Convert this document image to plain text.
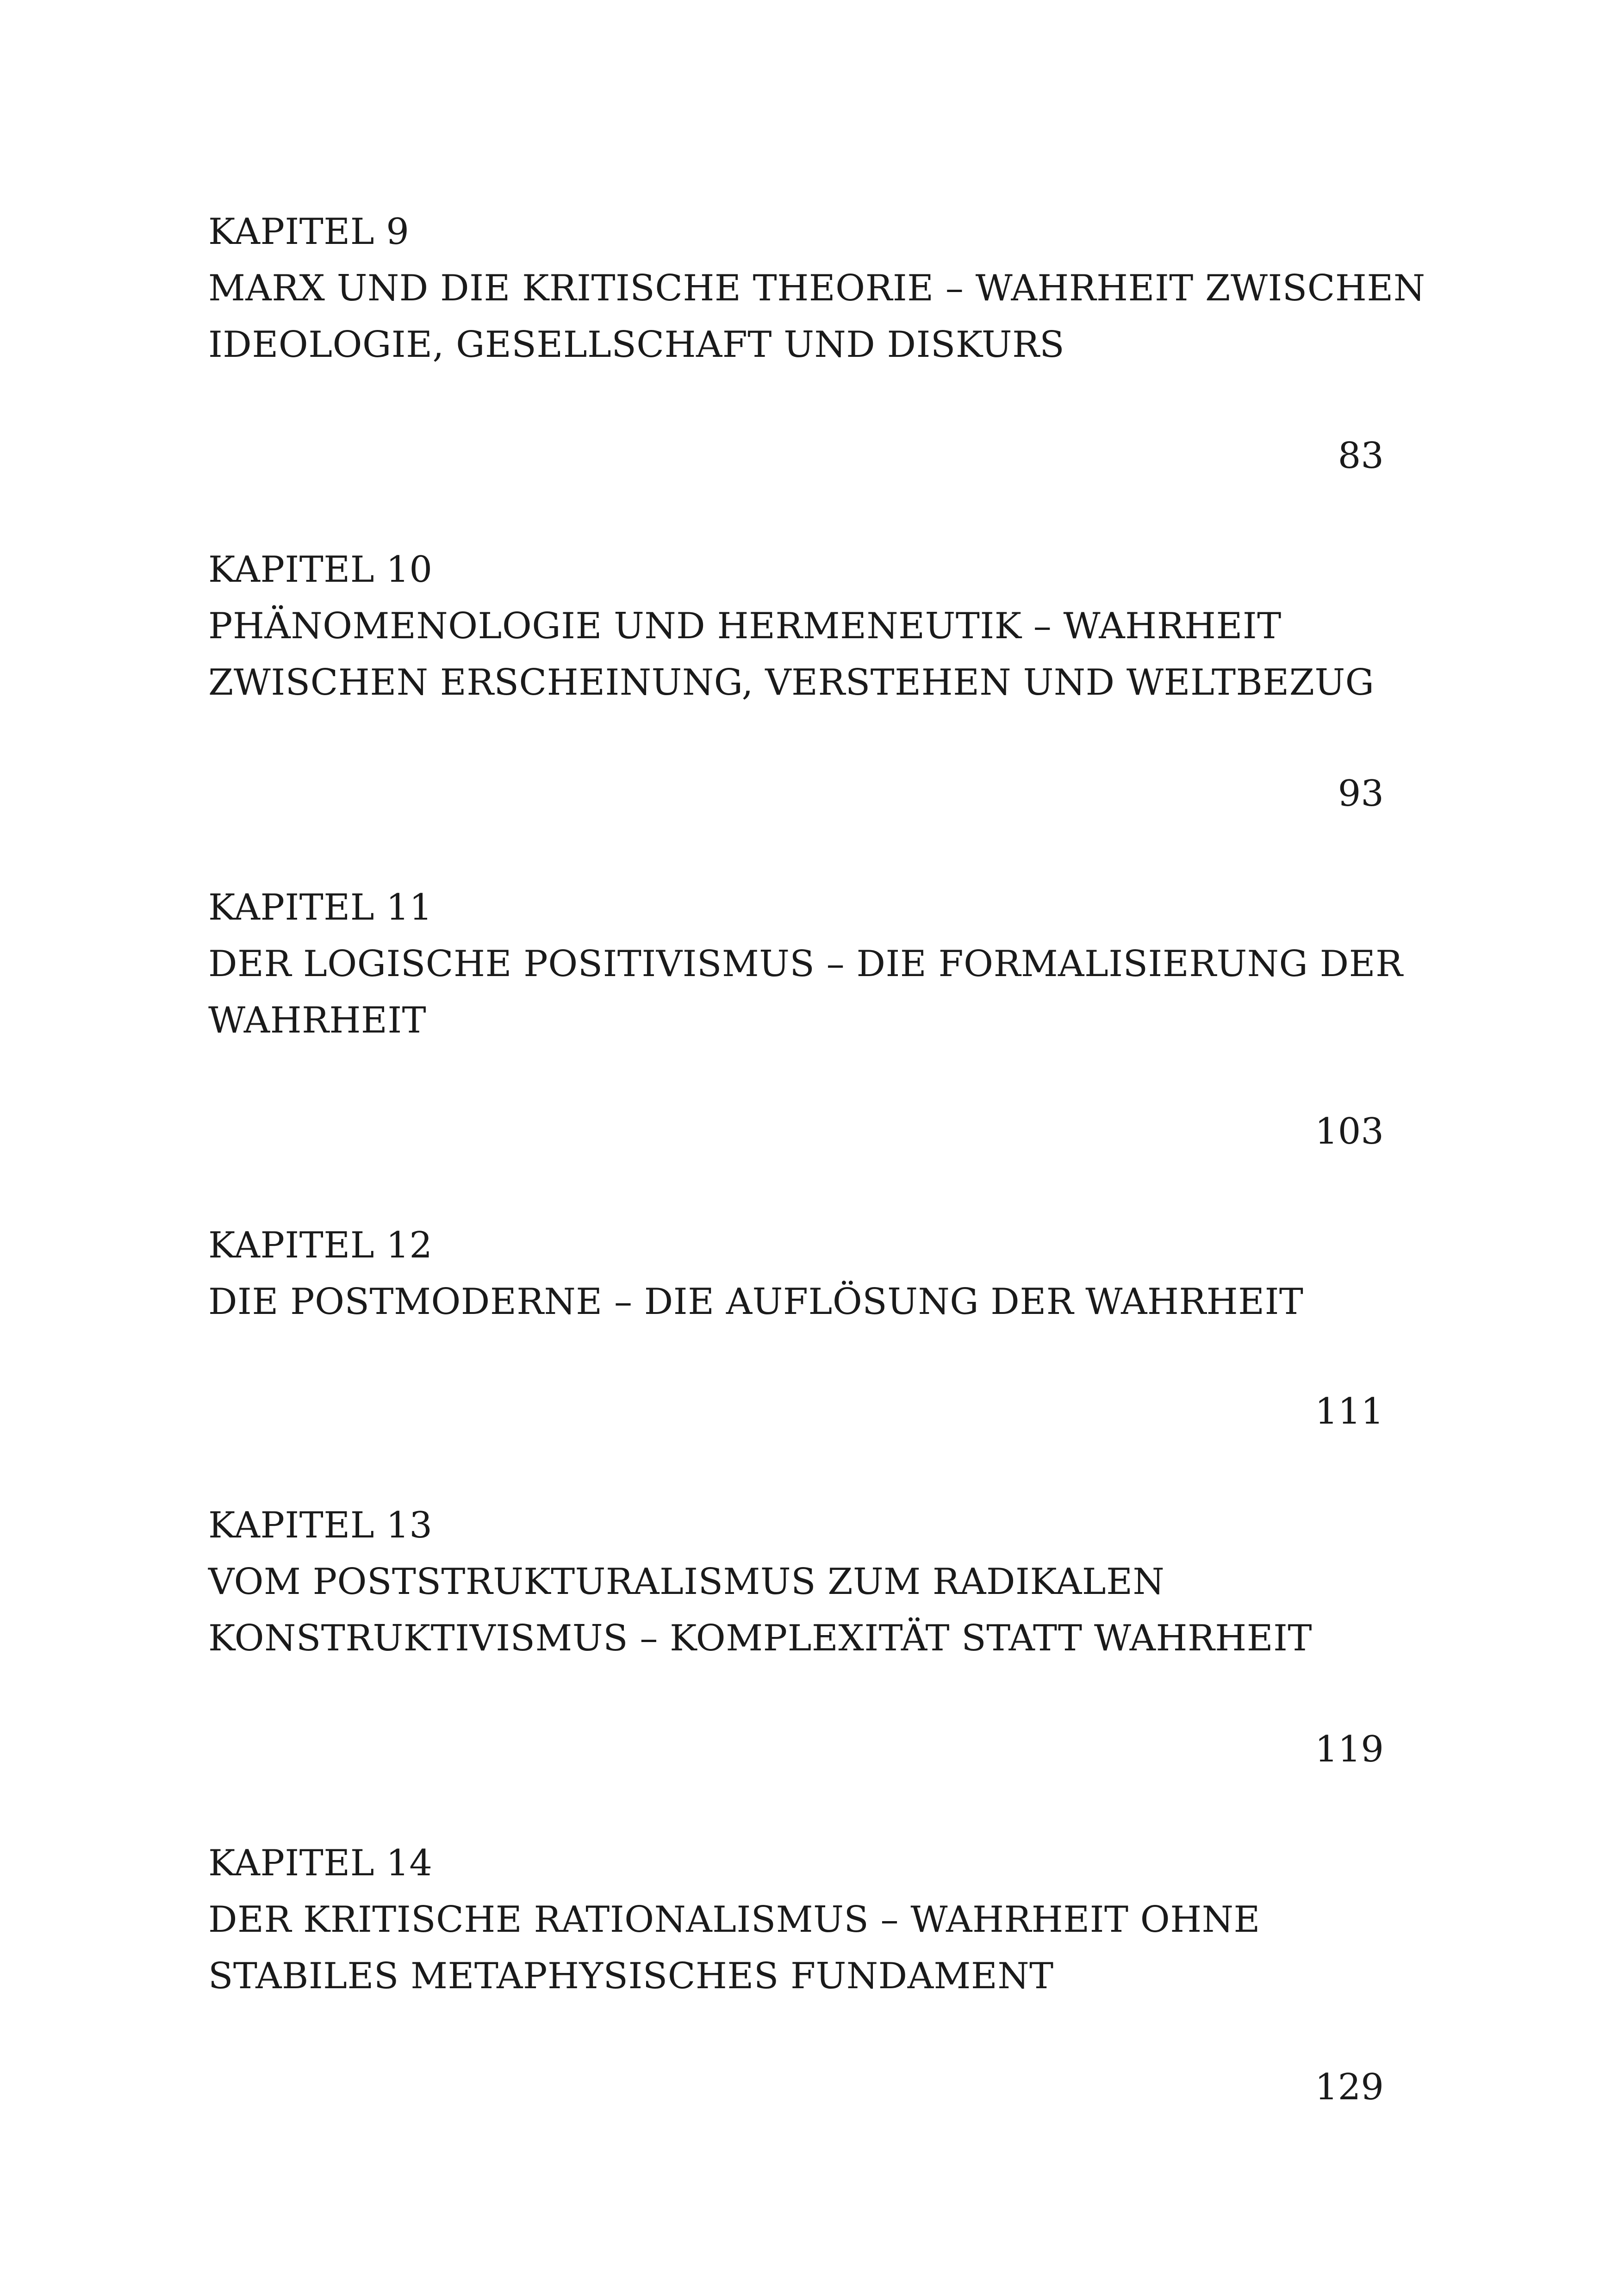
KAPITEL 9
MARX UND DIE KRITISCHE THEORIE – WAHRHEIT ZWISCHEN
IDEOLOGIE, GESELLSCHAFT UND DISKURS
83
KAPITEL 10
PHÄNOMENOLOGIE UND HERMENEUTIK – WAHRHEIT
ZWISCHEN ERSCHEINUNG, VERSTEHEN UND WELTBEZUG
93
KAPITEL 11
DER LOGISCHE POSITIVISMUS – DIE FORMALISIERUNG DER
WAHRHEIT
103
KAPITEL 12
DIE POSTMODERNE – DIE AUFLÖSUNG DER WAHRHEIT
111
KAPITEL 13
VOM POSTSTRUKTURALISMUS ZUM RADIKALEN
KONSTRUKTIVISMUS – KOMPLEXITÄT STATT WAHRHEIT
119
KAPITEL 14
DER KRITISCHE RATIONALISMUS – WAHRHEIT OHNE
STABILES METAPHYSISCHES FUNDAMENT
129
